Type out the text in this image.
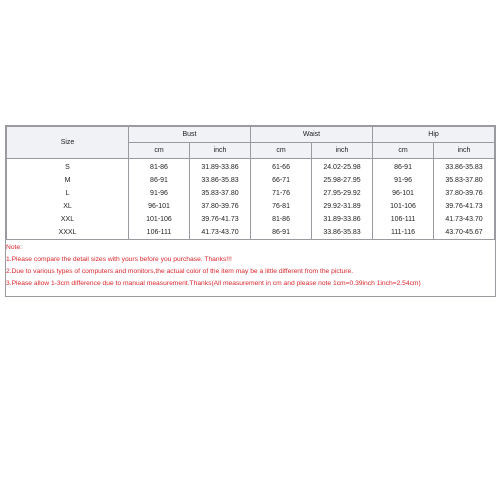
Size	Bust		Waist		Hip	
	cm	inch	cm	inch	cm	inch
S	81-86	31.89-33.86	61-66	24.02-25.98	86-91	33.86-35.83
M	86-91	33.86-35.83	66-71	25.98-27.95	91-96	35.83-37.80
L	91-96	35.83-37.80	71-76	27.95-29.92	96-101	37.80-39.76
XL	96-101	37.80-39.76	76-81	29.92-31.89	101-106	39.76-41.73
XXL	101-106	39.76-41.73	81-86	31.89-33.86	106-111	41.73-43.70
XXXL	106-111	41.73-43.70	86-91	33.86-35.83	111-116	43.70-45.67
Note:
1.Please compare the detail sizes with yours before you purchase. Thanks!!!
2.Due to various types of computers and monitors,the actual color of the item may be a little different from the picture.
3.Please allow 1-3cm difference due to manual measurement.Thanks(All measurement in cm and please note 1cm=0.39inch 1inch=2.54cm)
